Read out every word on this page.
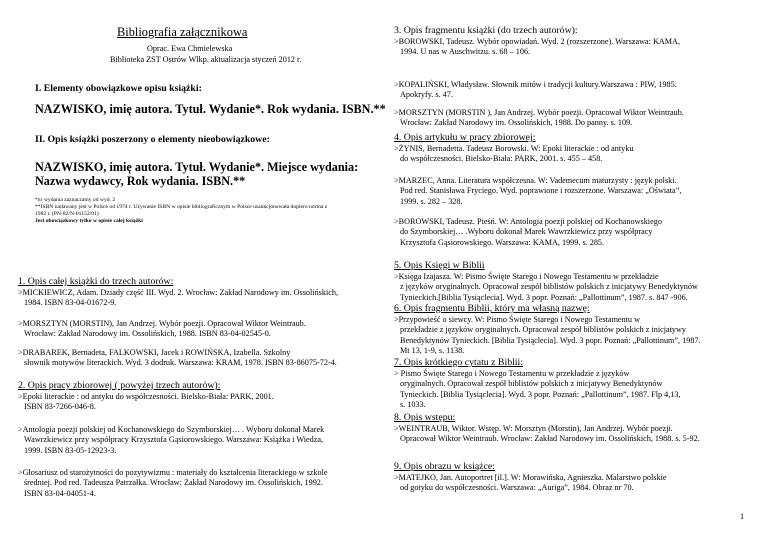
Bibliografia załącznikowa
Oprac. Ewa Chmielewska
Biblioteka ZST Ostrów Wlkp. aktualizacja styczeń 2012 r.
I. Elementy obowiązkowe opisu książki:
NAZWISKO, imię autora. Tytuł. Wydanie*. Rok wydania. ISBN.**
II. Opis książki poszerzony o elementy nieobowiązkowe:
NAZWISKO, imię autora. Tytuł. Wydanie*. Miejsce wydania:
Nazwa wydawcy, Rok wydania. ISBN.**
*nr wydania zaznaczamy od wyd. 2
**ISBN nadawany jest w Polsce od 1974 r. Używanie ISBN w opisie bibliograficznym w Polsce usankcjonowała dopiero norma z
1982 r. (PN-82/N-01152/01).
Jest obowiązkowy tylko w opisie całej książki
1. Opis całej książki do trzech autorów:
>MICKIEWICZ, Adam. Dziady część III. Wyd. 2. Wrocław: Zakład Narodowy im. Ossolińskich,
1984. ISBN 83-04-01672-9.
>MORSZTYN (MORSTIN), Jan Andrzej. Wybór poezji. Opracował Wiktor Weintraub.
Wrocław: Zakład Narodowy im. Ossolińskich, 1988. ISBN 83-04-02545-0.
>DRABAREK, Bernadeta, FALKOWSKI, Jacek i ROWIŃSKA, Izabella. Szkolny
słownik motywów literackich. Wyd. 3 dodruk. Warszawa: KRAM, 1978. ISBN 83-86075-72-4.
2. Opis pracy zbiorowej ( powyżej trzech autorów):
>Epoki literackie : od antyku do współczesności. Bielsko-Biała: PARK, 2001.
ISBN 83-7266-046-8.
>Antologia poezji polskiej od Kochanowskiego do Szymborskiej… . Wyboru dokonał Marek
Wawrzkiewicz przy współpracy Krzysztofa Gąsiorowskiego. Warszawa: Książka i Wiedza,
1999. ISBN 83-05-12923-3.
>Głosariusz od starożytności do pozytywizmu : materiały do kształcenia literackiego w szkole
średniej. Pod red. Tadeusza Patrzałka. Wrocław: Zakład Narodowy im. Ossolińskich, 1992.
ISBN 83-04-04051-4.
3. Opis fragmentu książki (do trzech autorów):
>BOROWSKI, Tadeusz. Wybór opowiadań. Wyd. 2 (rozszerzone). Warszawa: KAMA,
1994. U nas w Auschwitzu. s. 68 – 106.
>KOPALIŃSKI, Władysław. Słownik mitów i tradycji kultury.Warszawa : PIW, 1985.
Apokryfy. s. 47.
>MORSZTYN (MORSTIN ), Jan Andrzej. Wybór poezji. Opracował Wiktor Weintraub.
Wrocław: Zakład Narodowy im. Ossolińskich, 1988. Do panny. s. 109.
4. Opis artykułu w pracy zbiorowej:
>ŻYNIS, Bernadetta. Tadeusz Borowski. W: Epoki literackie : od antyku
do współczesności. Bielsko-Biała: PARK, 2001. s. 455 – 458.
>MARZEC, Anna. Literatura współczesna. W: Vademecum maturzysty : język polski.
Pod red. Stanisława Fryciego. Wyd. poprawione i rozszerzone. Warszawa: „Oświata”,
1999. s. 282 – 328.
>BOROWSKI, Tadeusz. Pieśń. W: Antologia poezji polskiej od Kochanowskiego
do Szymborskiej… .Wyboru dokonał Marek Wawrzkiewicz przy współpracy
Krzysztofa Gąsiorowskiego. Warszawa: KAMA, 1999. s. 285.
5. Opis Księgi w Biblii
>Księga Izajasza. W: Pismo Święte Starego i Nowego Testamentu w przekładzie
z języków oryginalnych. Opracował zespół biblistów polskich z inicjatywy Benedyktynów
Tynieckich.[Biblia Tysiąclecia]. Wyd. 3 popr. Poznań: „Pallottinum”, 1987. s. 847 -906.
6. Opis fragmentu Biblii, który ma własną nazwę:
>Przypowieść o siewcy. W: Pismo Święte Starego i Nowego Testamentu w
przekładzie z języków oryginalnych. Opracował zespół biblistów polskich z inicjatywy
Benedyktynów Tynieckich. [Biblia Tysiąclecia]. Wyd. 3 popr. Poznań: „Pallottinum”, 1987.
Mt 13, 1-9, s. 1138.
7. Opis krótkiego cytatu z Biblii:
> Pismo Święte Starego i Nowego Testamentu w przekładzie z języków
oryginalnych. Opracował zespół biblistów polskich z inicjatywy Benedyktynów
Tynieckich. [Biblia Tysiąclecia]. Wyd. 3 popr. Poznań: „Pallottinum”, 1987. Flp 4,13,
s. 1033.
8. Opis wstępu:
>WEINTRAUB, Wiktor. Wstęp. W: Morsztyn (Morstin), Jan Andrzej. Wybór poezji.
Opracował Wiktor Weintraub. Wrocław: Zakład Narodowy im. Ossolińskich, 1988. s. 5-92.
9. Opis obrazu w książce:
>MATEJKO, Jan. Autoportret [il.]. W: Morawińska, Agnieszka. Malarstwo polskie
od gotyku do współczesności. Warszawa: „Auriga”, 1984. Obraz nr 70.
1
